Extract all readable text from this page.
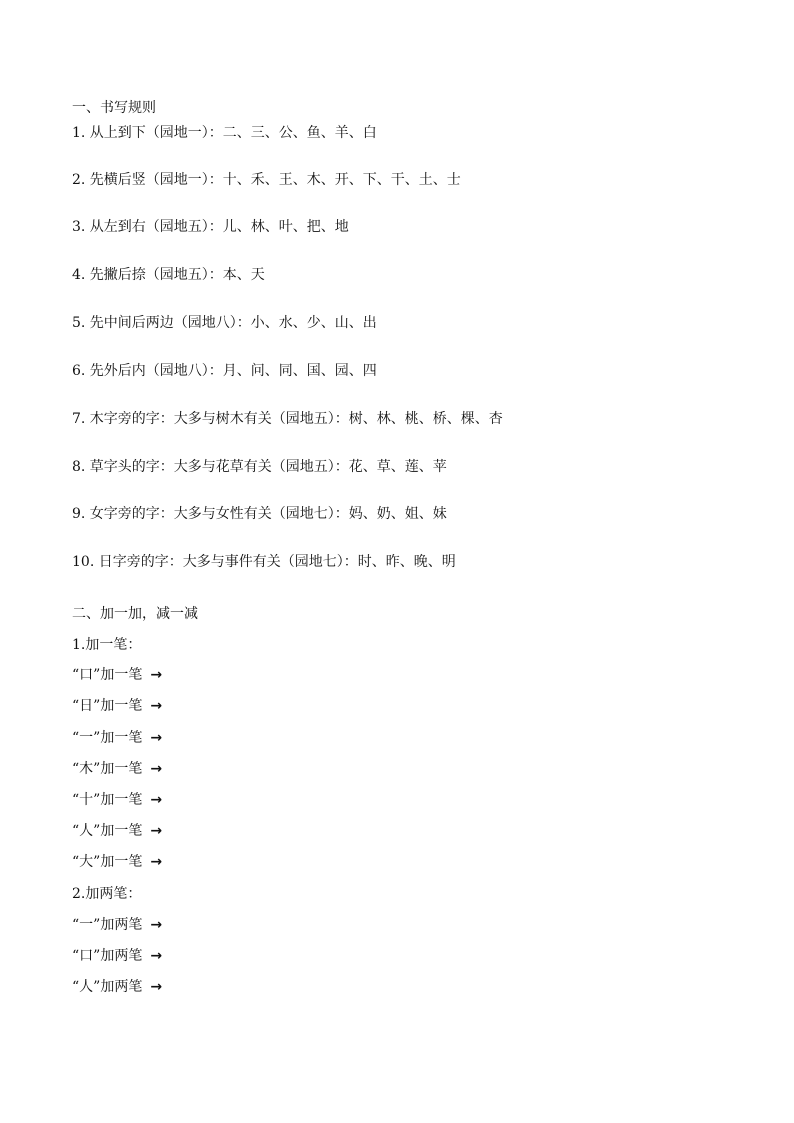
一、书写规则
1. 从上到下（园地一）：二、三、公、鱼、羊、白
2. 先横后竖（园地一）：十、禾、王、木、开、下、干、土、士
3. 从左到右（园地五）：儿、林、叶、把、地
4. 先撇后捺（园地五）：本、天
5. 先中间后两边（园地八）：小、水、少、山、出
6. 先外后内（园地八）：月、问、同、国、园、四
7. 木字旁的字：大多与树木有关（园地五）：树、林、桃、桥、棵、杏
8. 草字头的字：大多与花草有关（园地五）：花、草、莲、苹
9. 女字旁的字：大多与女性有关（园地七）：妈、奶、姐、妹
10. 日字旁的字：大多与事件有关（园地七）：时、昨、晚、明
二、加一加，减一减
1.加一笔：
“口”加一笔 →
“日”加一笔 →
“一”加一笔 →
“木”加一笔 →
“十”加一笔 →
“人”加一笔 →
“大”加一笔 →
2.加两笔：
“一”加两笔 →
“口”加两笔 →
“人”加两笔 →
